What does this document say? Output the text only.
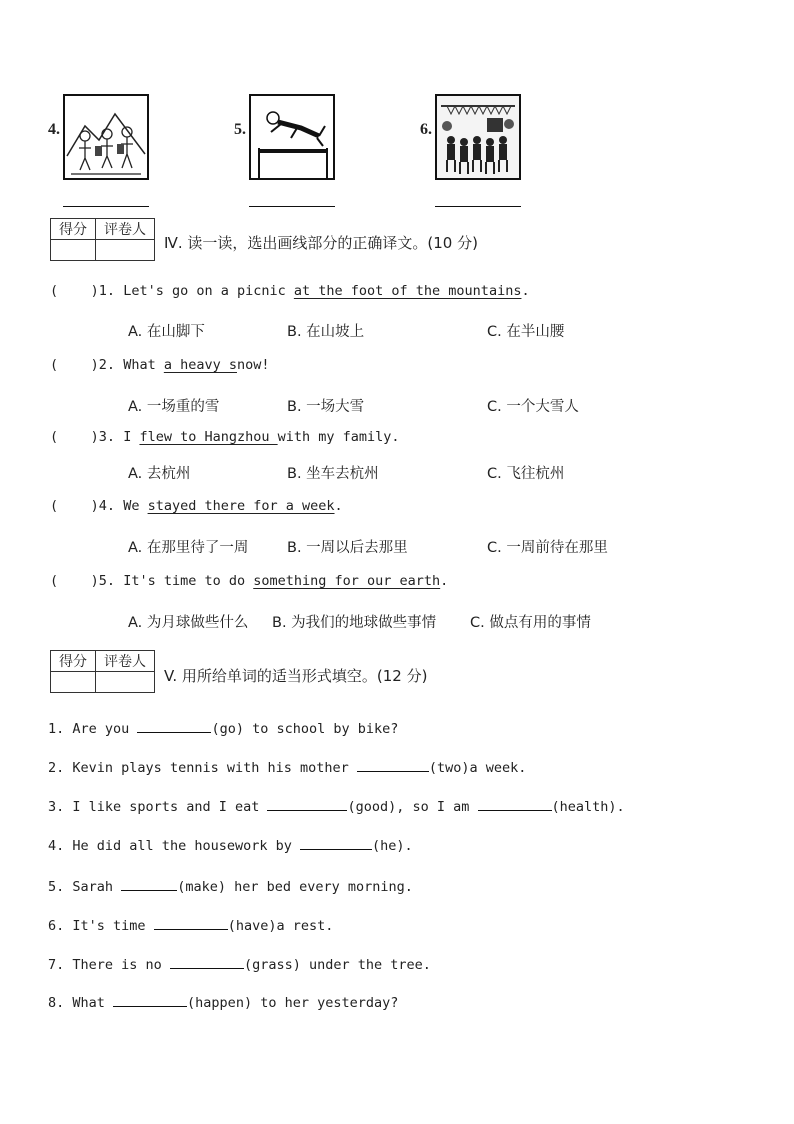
4.	5.	6.
得分	评卷人

Ⅳ. 读一读，选出画线部分的正确译文。(10 分)
(    )1. Let's go on a picnic at the foot of the mountains.
A. 在山脚下	B. 在山坡上	C. 在半山腰
(    )2. What a heavy snow!
A. 一场重的雪	B. 一场大雪	C. 一个大雪人
(    )3. I flew to Hangzhou with my family.
A. 去杭州	B. 坐车去杭州	C. 飞往杭州
(    )4. We stayed there for a week.
A. 在那里待了一周	B. 一周以后去那里	C. 一周前待在那里
(    )5. It's time to do something for our earth.
A. 为月球做些什么 B. 为我们的地球做些事情 C. 做点有用的事情
得分	评卷人

V. 用所给单词的适当形式填空。(12 分)
1. Are you	(go) to school by bike?
2. Kevin plays tennis with his mother	(two)a week.
3. I like sports and I eat	(good), so I am	(health).
4. He did all the housework by	(he).
5. Sarah	(make) her bed every morning.
6. It's time	(have)a rest.
7. There is no	(grass) under the tree.
8. What	(happen) to her yesterday?
